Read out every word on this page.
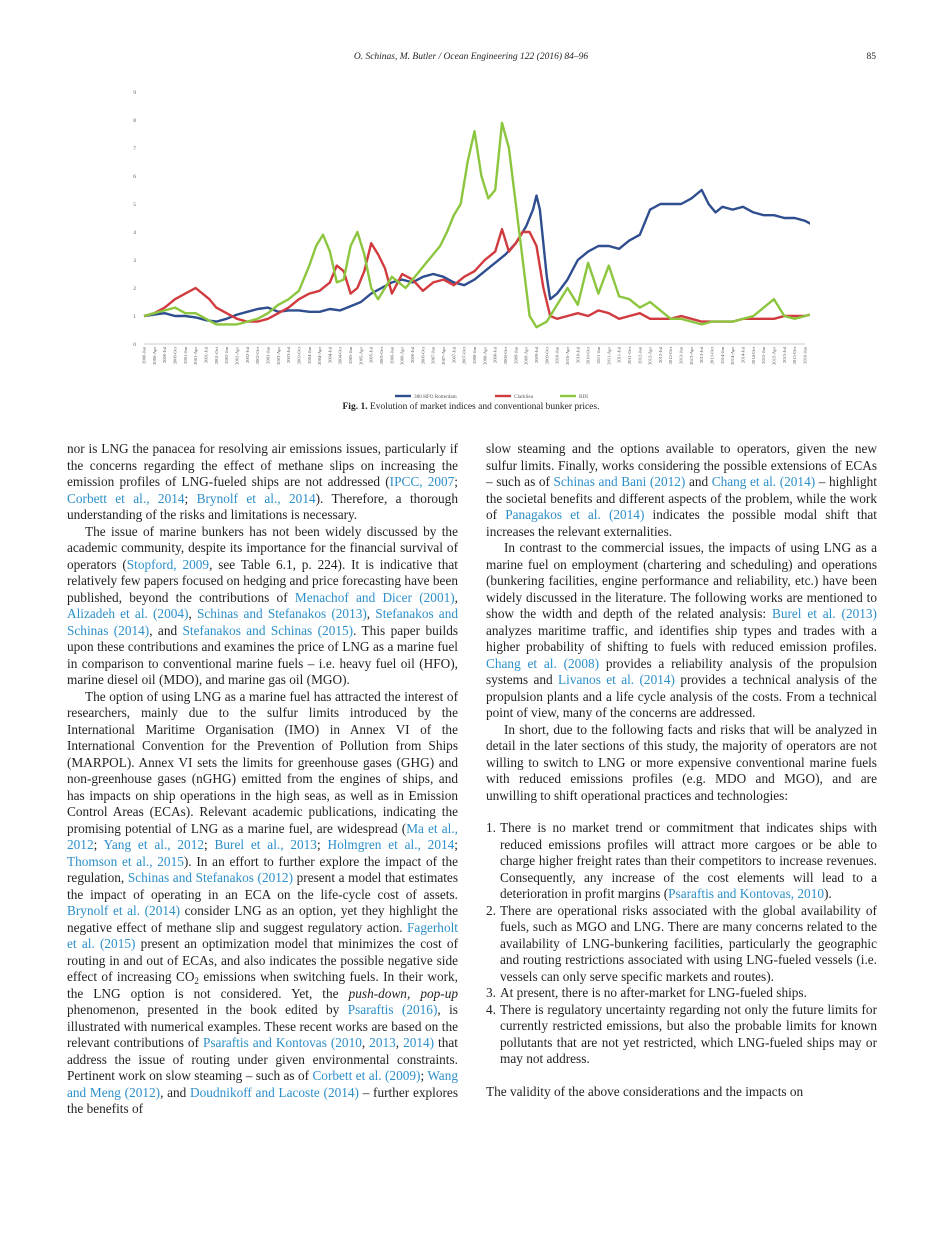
O. Schinas, M. Butler / Ocean Engineering 122 (2016) 84–96	85
0
1
2
3
4
5
6
7
8
9
2000-Jan 2000-Apr 2000-Jul 2000-Oct 2001-Jan 2001-Apr 2001-Jul 2001-Oct 2002-Jan 2002-Apr 2002-Jul 2002-Oct 2003-Jan 2003-Apr 2003-Jul 2003-Oct 2004-Jan 2004-Apr 2004-Jul 2004-Oct 2005-Jan 2005-Apr 2005-Jul 2005-Oct 2006-Jan 2006-Apr 2006-Jul 2006-Oct 2007-Jan 2007-Apr 2007-Jul 2007-Oct 2008-Jan 2008-Apr 2008-Jul 2008-Oct 2009-Jan 2009-Apr 2009-Jul 2009-Oct 2010-Jan 2010-Apr 2010-Jul 2010-Oct 2011-Jan 2011-Apr 2011-Jul 2011-Oct 2012-Jan 2012-Apr 2012-Jul 2012-Oct 2013-Jan 2013-Apr 2013-Jul 2013-Oct 2014-Jan 2014-Apr 2014-Jul 2014-Oct 2015-Jan 2015-Apr 2015-Jul 2015-Oct 2016-Jan
380 HFO Rotterdam	ClarkSea	BDI
Fig. 1. Evolution of market indices and conventional bunker prices.

nor is LNG the panacea for resolving air emissions issues, particularly if the concerns regarding the effect of methane slips on increasing the emission profiles of LNG-fueled ships are not addressed (IPCC, 2007; Corbett et al., 2014; Brynolf et al., 2014). Therefore, a thorough understanding of the risks and limitations is necessary.

The issue of marine bunkers has not been widely discussed by the academic community, despite its importance for the financial survival of operators (Stopford, 2009, see Table 6.1, p. 224). It is indicative that relatively few papers focused on hedging and price forecasting have been published, beyond the contributions of Menachof and Dicer (2001), Alizadeh et al. (2004), Schinas and Stefanakos (2013), Stefanakos and Schinas (2014), and Stefanakos and Schinas (2015). This paper builds upon these contributions and examines the price of LNG as a marine fuel in comparison to conventional marine fuels – i.e. heavy fuel oil (HFO), marine diesel oil (MDO), and marine gas oil (MGO).

The option of using LNG as a marine fuel has attracted the interest of researchers, mainly due to the sulfur limits introduced by the International Maritime Organisation (IMO) in Annex VI of the International Convention for the Prevention of Pollution from Ships (MARPOL). Annex VI sets the limits for greenhouse gases (GHG) and non-greenhouse gases (nGHG) emitted from the engines of ships, and has impacts on ship operations in the high seas, as well as in Emission Control Areas (ECAs). Relevant academic publications, indicating the promising potential of LNG as a marine fuel, are widespread (Ma et al., 2012; Yang et al., 2012; Burel et al., 2013; Holmgren et al., 2014; Thomson et al., 2015). In an effort to further explore the impact of the regulation, Schinas and Stefanakos (2012) present a model that estimates the impact of operating in an ECA on the life-cycle cost of assets. Brynolf et al. (2014) consider LNG as an option, yet they highlight the negative effect of methane slip and suggest regulatory action. Fagerholt et al. (2015) present an optimization model that minimizes the cost of routing in and out of ECAs, and also indicates the possible negative side effect of increasing $CO_2$ emissions when switching fuels. In their work, the LNG option is not considered. Yet, the push-down, pop-up phenomenon, presented in the book edited by Psaraftis (2016), is illustrated with numerical examples. These recent works are based on the relevant contributions of Psaraftis and Kontovas (2010, 2013, 2014) that address the issue of routing under given environmental constraints. Pertinent work on slow steaming – such as of Corbett et al. (2009); Wang and Meng (2012), and Doudnikoff and Lacoste (2014) – further explores the benefits of

slow steaming and the options available to operators, given the new sulfur limits. Finally, works considering the possible extensions of ECAs – such as of Schinas and Bani (2012) and Chang et al. (2014) – highlight the societal benefits and different aspects of the problem, while the work of Panagakos et al. (2014) indicates the possible modal shift that increases the relevant externalities.

In contrast to the commercial issues, the impacts of using LNG as a marine fuel on employment (chartering and scheduling) and operations (bunkering facilities, engine performance and reliability, etc.) have been widely discussed in the literature. The following works are mentioned to show the width and depth of the related analysis: Burel et al. (2013) analyzes maritime traffic, and identifies ship types and trades with a higher probability of shifting to fuels with reduced emission profiles. Chang et al. (2008) provides a reliability analysis of the propulsion systems and Livanos et al. (2014) provides a technical analysis of the propulsion plants and a life cycle analysis of the costs. From a technical point of view, many of the concerns are addressed.

In short, due to the following facts and risks that will be analyzed in detail in the later sections of this study, the majority of operators are not willing to switch to LNG or more expensive conventional marine fuels with reduced emissions profiles (e.g. MDO and MGO), and are unwilling to shift operational practices and technologies:

1. There is no market trend or commitment that indicates ships with reduced emissions profiles will attract more cargoes or be able to charge higher freight rates than their competitors to increase revenues. Consequently, any increase of the cost elements will lead to a deterioration in profit margins (Psaraftis and Kontovas, 2010).
2. There are operational risks associated with the global availability of fuels, such as MGO and LNG. There are many concerns related to the availability of LNG-bunkering facilities, particularly the geographic and routing restrictions associated with using LNG-fueled vessels (i.e. vessels can only serve specific markets and routes).
3. At present, there is no after-market for LNG-fueled ships.
4. There is regulatory uncertainty regarding not only the future limits for currently restricted emissions, but also the probable limits for known pollutants that are not yet restricted, which LNG-fueled ships may or may not address.

The validity of the above considerations and the impacts on
